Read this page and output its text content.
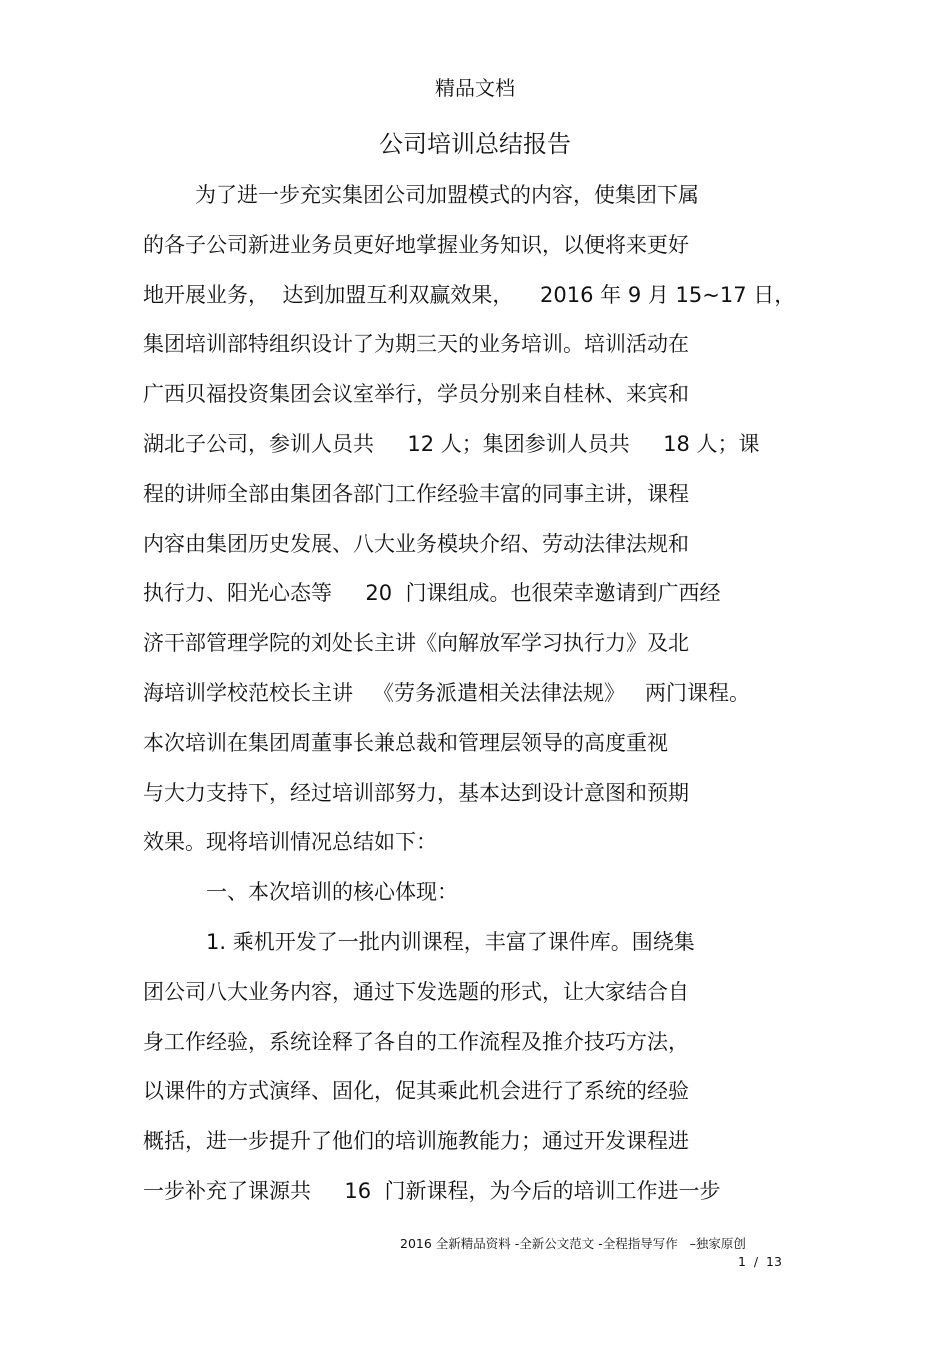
精品文档
公司培训总结报告
为了进一步充实集团公司加盟模式的内容，使集团下属
的各子公司新进业务员更好地掌握业务知识，以便将来更好
地开展业务，  达到加盟互利双赢效果，    2016 年 9 月 15~17 日，
集团培训部特组织设计了为期三天的业务培训。培训活动在
广西贝福投资集团会议室举行，学员分别来自桂林、来宾和
湖北子公司，参训人员共     12 人；集团参训人员共     18 人；课
程的讲师全部由集团各部门工作经验丰富的同事主讲，课程
内容由集团历史发展、八大业务模块介绍、劳动法律法规和
执行力、阳光心态等     20  门课组成。也很荣幸邀请到广西经
济干部管理学院的刘处长主讲《向解放军学习执行力》及北
海培训学校范校长主讲   《劳务派遣相关法律法规》   两门课程。
本次培训在集团周董事长兼总裁和管理层领导的高度重视
与大力支持下，经过培训部努力，基本达到设计意图和预期
效果。现将培训情况总结如下：
一、本次培训的核心体现：
1. 乘机开发了一批内训课程，丰富了课件库。围绕集
团公司八大业务内容，通过下发选题的形式，让大家结合自
身工作经验，系统诠释了各自的工作流程及推介技巧方法，
以课件的方式演绎、固化，促其乘此机会进行了系统的经验
概括，进一步提升了他们的培训施教能力；通过开发课程进
一步补充了课源共     16  门新课程，为今后的培训工作进一步
2016 全新精品资料 -全新公文范文 -全程指导写作   –独家原创
1  /  13
